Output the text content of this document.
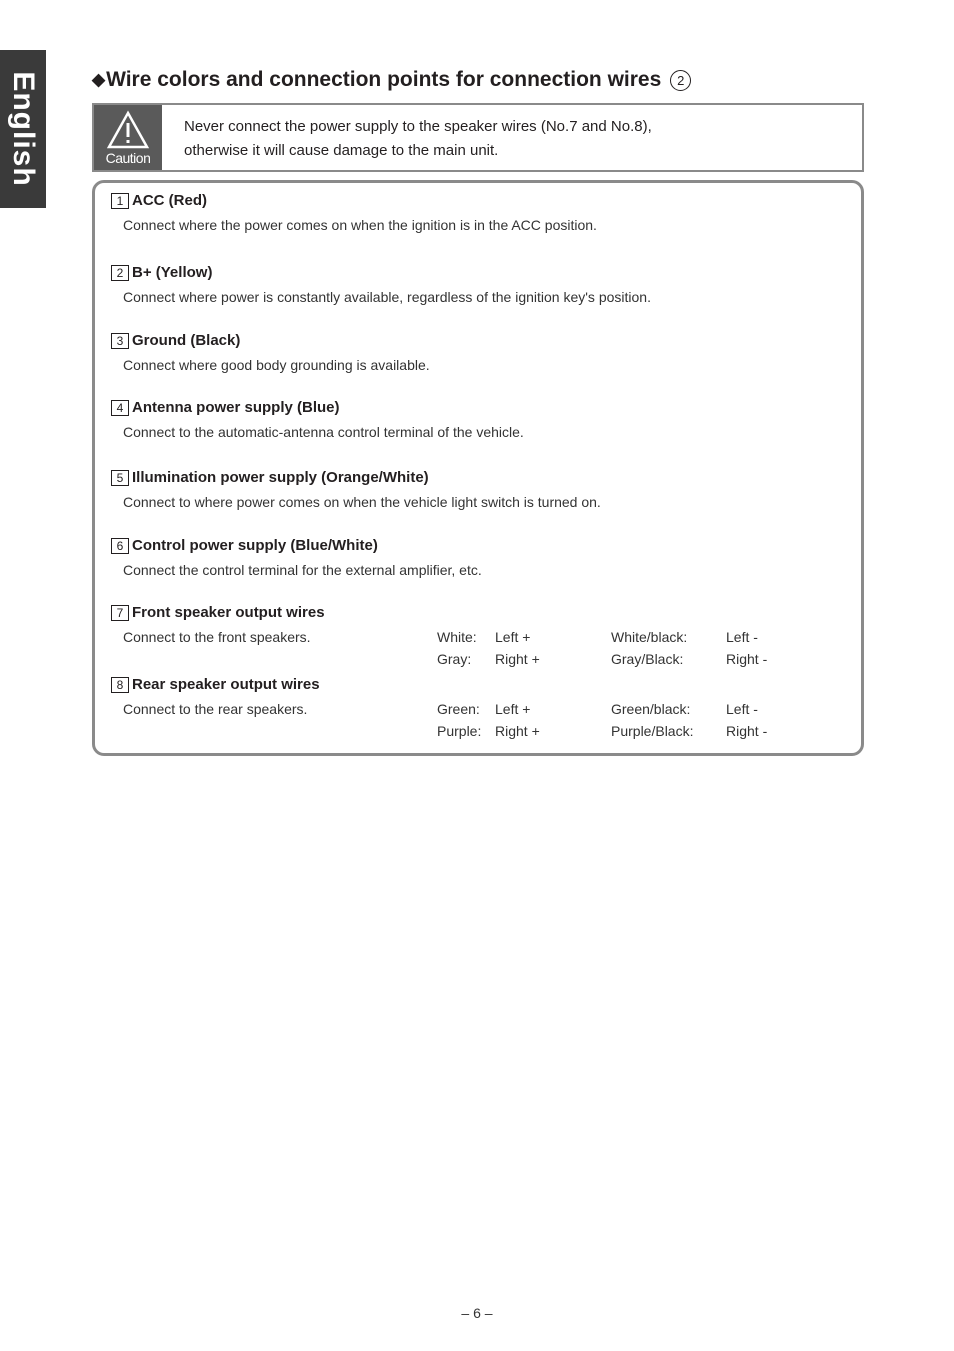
English	◆ Wire colors and connection points for connection wires	2
Caution
Never connect the power supply to the speaker wires (No.7 and No.8),
otherwise it will cause damage to the main unit.
1 ACC (Red)
Connect where the power comes on when the ignition is in the ACC position.
2 B+ (Yellow)
Connect where power is constantly available, regardless of the ignition key's position.
3 Ground (Black)
Connect where good body grounding is available.
4 Antenna power supply (Blue)
Connect to the automatic-antenna control terminal of the vehicle.
5 Illumination power supply (Orange/White)
Connect to where power comes on when the vehicle light switch is turned on.
6 Control power supply (Blue/White)
Connect the control terminal for the external amplifier, etc.
7 Front speaker output wires
Connect to the front speakers.
8 Rear speaker output wires
Connect to the rear speakers.
White: Left +	White/black:	Left -
Gray: Right +	Gray/Black:	Right -
Green: Left +	Green/black:	Left -
Purple: Right +	Purple/Black: Right -
– 6 –
